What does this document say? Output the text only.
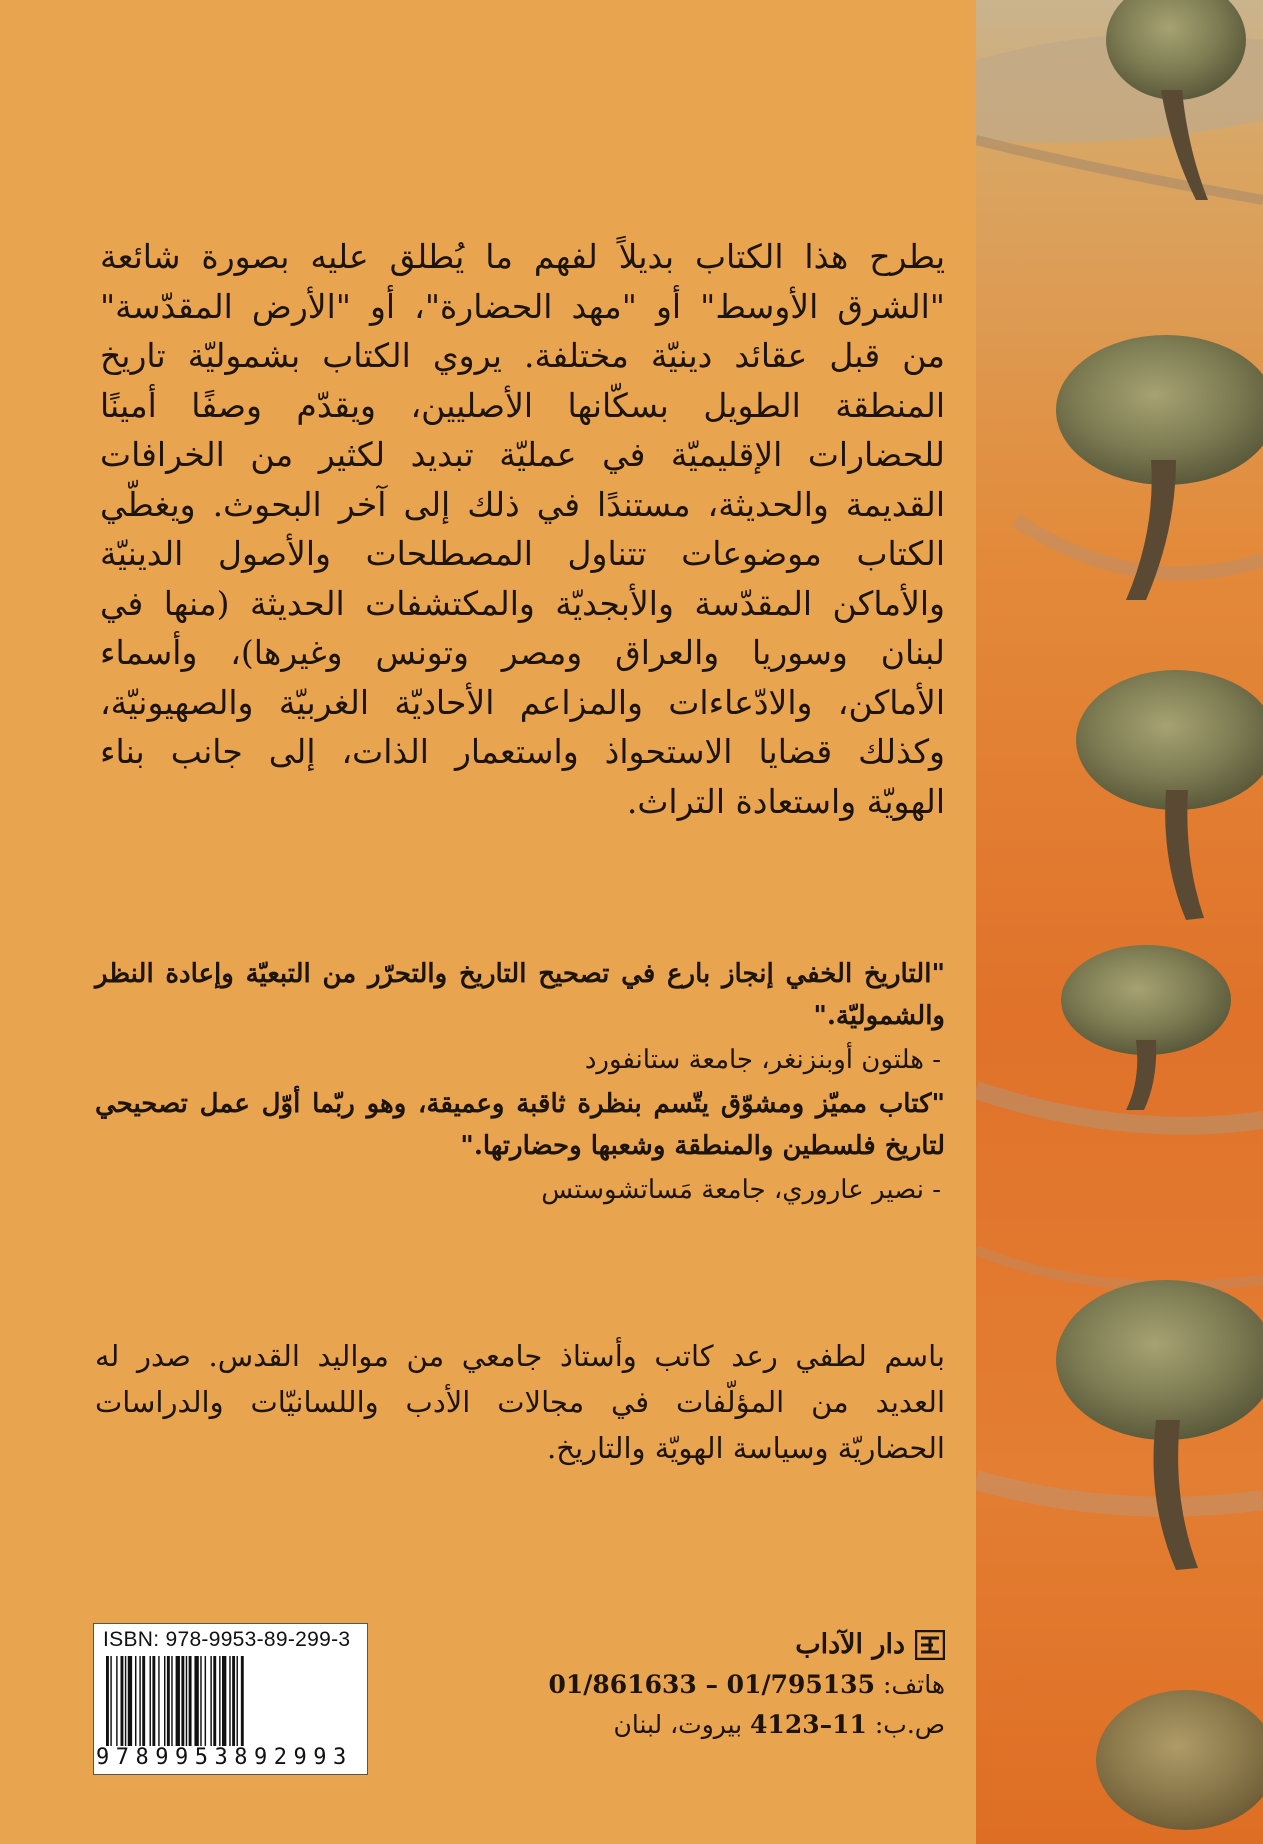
يطرح هذا الكتاب بديلاً لفهم ما يُطلق عليه بصورة شائعة
"الشرق الأوسط" أو "مهد الحضارة"، أو "الأرض المقدّسة"
من قبل عقائد دينيّة مختلفة. يروي الكتاب بشموليّة تاريخ
المنطقة الطويل بسكّانها الأصليين، ويقدّم وصفًا أمينًا
للحضارات الإقليميّة في عمليّة تبديد لكثير من الخرافات
القديمة والحديثة، مستندًا في ذلك إلى آخر البحوث. ويغطّي
الكتاب موضوعات تتناول المصطلحات والأصول الدينيّة
والأماكن المقدّسة والأبجديّة والمكتشفات الحديثة (منها في
لبنان وسوريا والعراق ومصر وتونس وغيرها)، وأسماء
الأماكن، والادّعاءات والمزاعم الأحاديّة الغربيّة والصهيونيّة،
وكذلك قضايا الاستحواذ واستعمار الذات، إلى جانب بناء
الهويّة واستعادة التراث.
"التاريخ الخفي إنجاز بارع في تصحيح التاريخ والتحرّر من التبعيّة وإعادة النظر
والشموليّة."
- هلتون أوبنزنغر، جامعة ستانفورد
"كتاب مميّز ومشوّق يتّسم بنظرة ثاقبة وعميقة، وهو ربّما أوّل عمل تصحيحي
لتاريخ فلسطين والمنطقة وشعبها وحضارتها."
- نصير عاروري، جامعة مَساتشوستس
باسم لطفي رعد كاتب وأستاذ جامعي من مواليد القدس. صدر له
العديد من المؤلّفات في مجالات الأدب واللسانيّات والدراسات
الحضاريّة وسياسة الهويّة والتاريخ.
دار الآداب
هاتف: 01/861633 – 01/795135
ص.ب: 4123–11 بيروت، لبنان
ISBN: 978-9953-89-299-3
9789953892993
